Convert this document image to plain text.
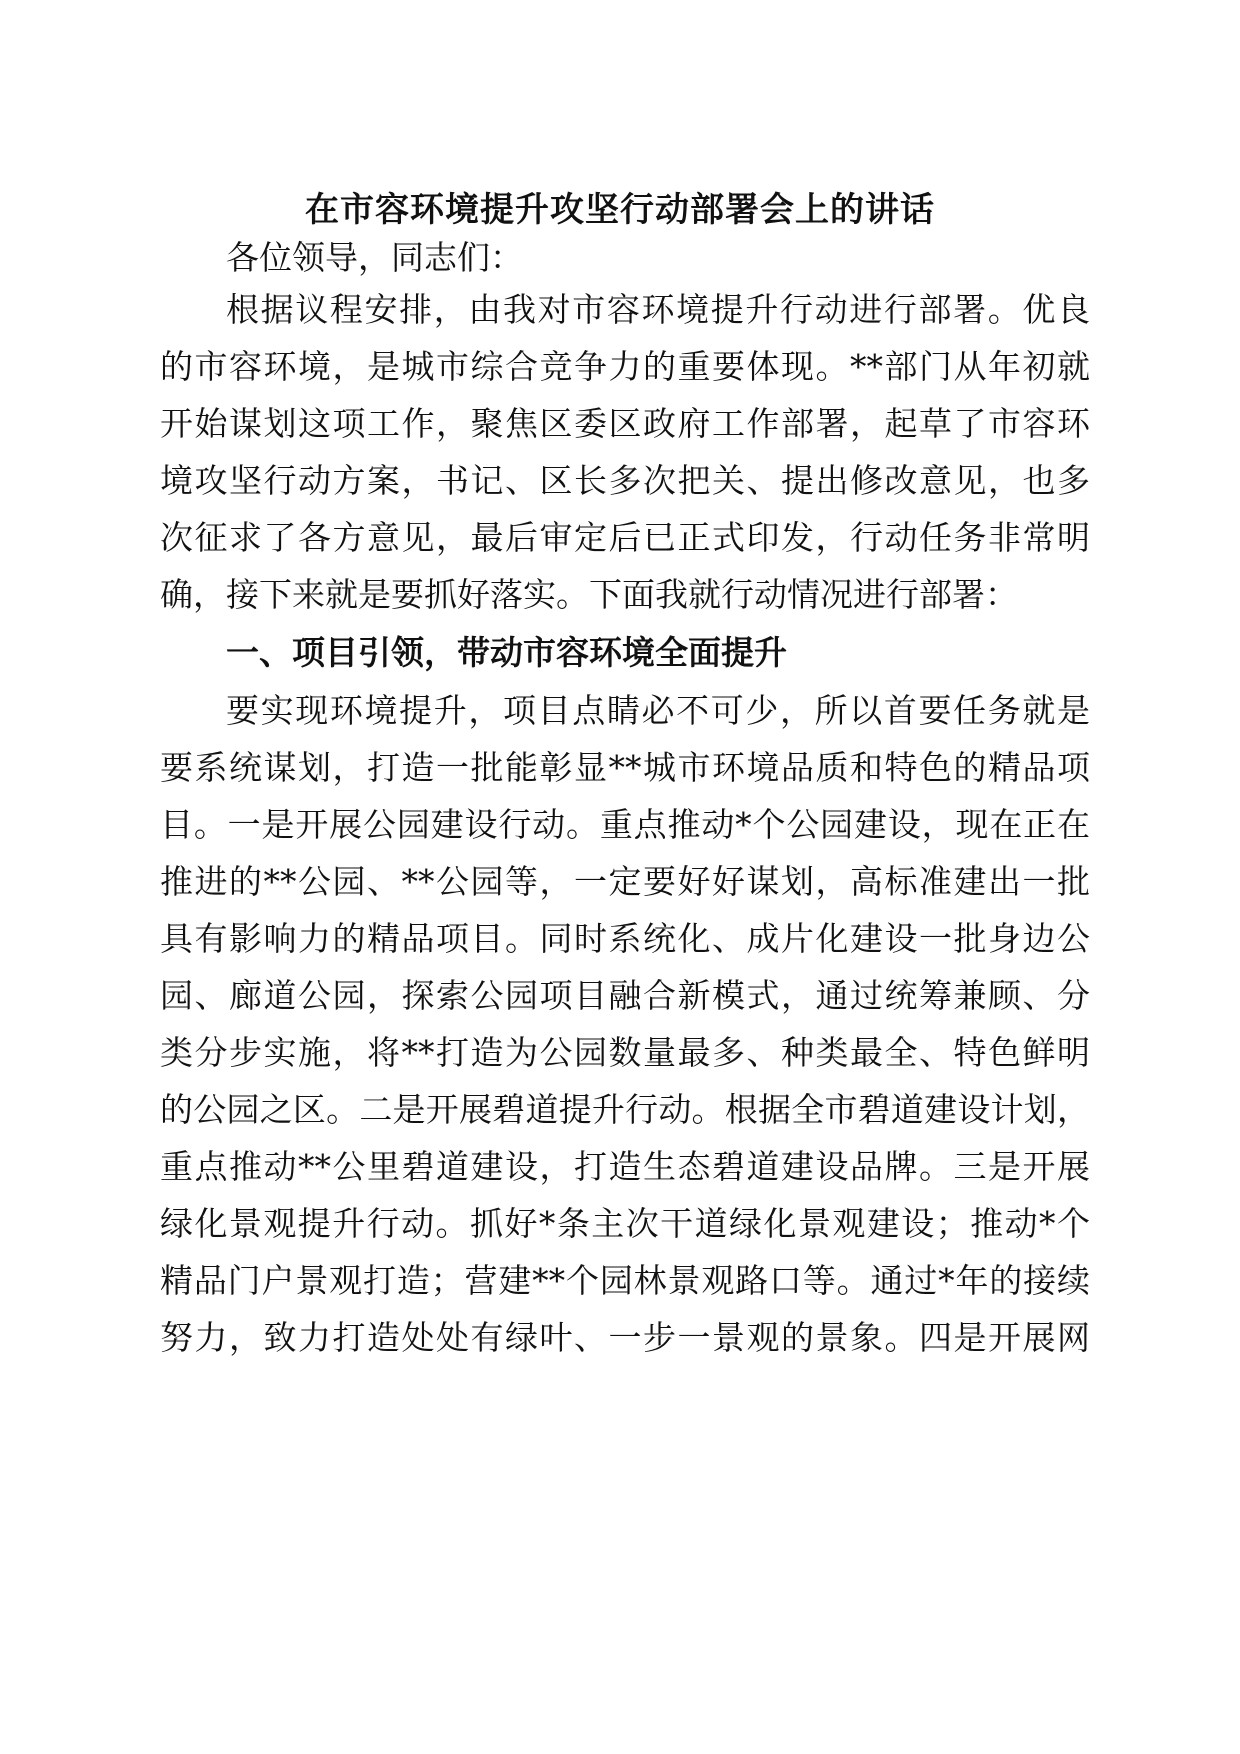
在市容环境提升攻坚行动部署会上的讲话
各位领导，同志们：
根据议程安排，由我对市容环境提升行动进行部署。优良
的市容环境，是城市综合竞争力的重要体现。**部门从年初就
开始谋划这项工作，聚焦区委区政府工作部署，起草了市容环
境攻坚行动方案，书记、区长多次把关、提出修改意见，也多
次征求了各方意见，最后审定后已正式印发，行动任务非常明
确，接下来就是要抓好落实。下面我就行动情况进行部署：
一、项目引领，带动市容环境全面提升
要实现环境提升，项目点睛必不可少，所以首要任务就是
要系统谋划，打造一批能彰显**城市环境品质和特色的精品项
目。一是开展公园建设行动。重点推动*个公园建设，现在正在
推进的**公园、**公园等，一定要好好谋划，高标准建出一批
具有影响力的精品项目。同时系统化、成片化建设一批身边公
园、廊道公园，探索公园项目融合新模式，通过统筹兼顾、分
类分步实施，将**打造为公园数量最多、种类最全、特色鲜明
的公园之区。二是开展碧道提升行动。根据全市碧道建设计划，
重点推动**公里碧道建设，打造生态碧道建设品牌。三是开展
绿化景观提升行动。抓好*条主次干道绿化景观建设；推动*个
精品门户景观打造；营建**个园林景观路口等。通过*年的接续
努力，致力打造处处有绿叶、一步一景观的景象。四是开展网
